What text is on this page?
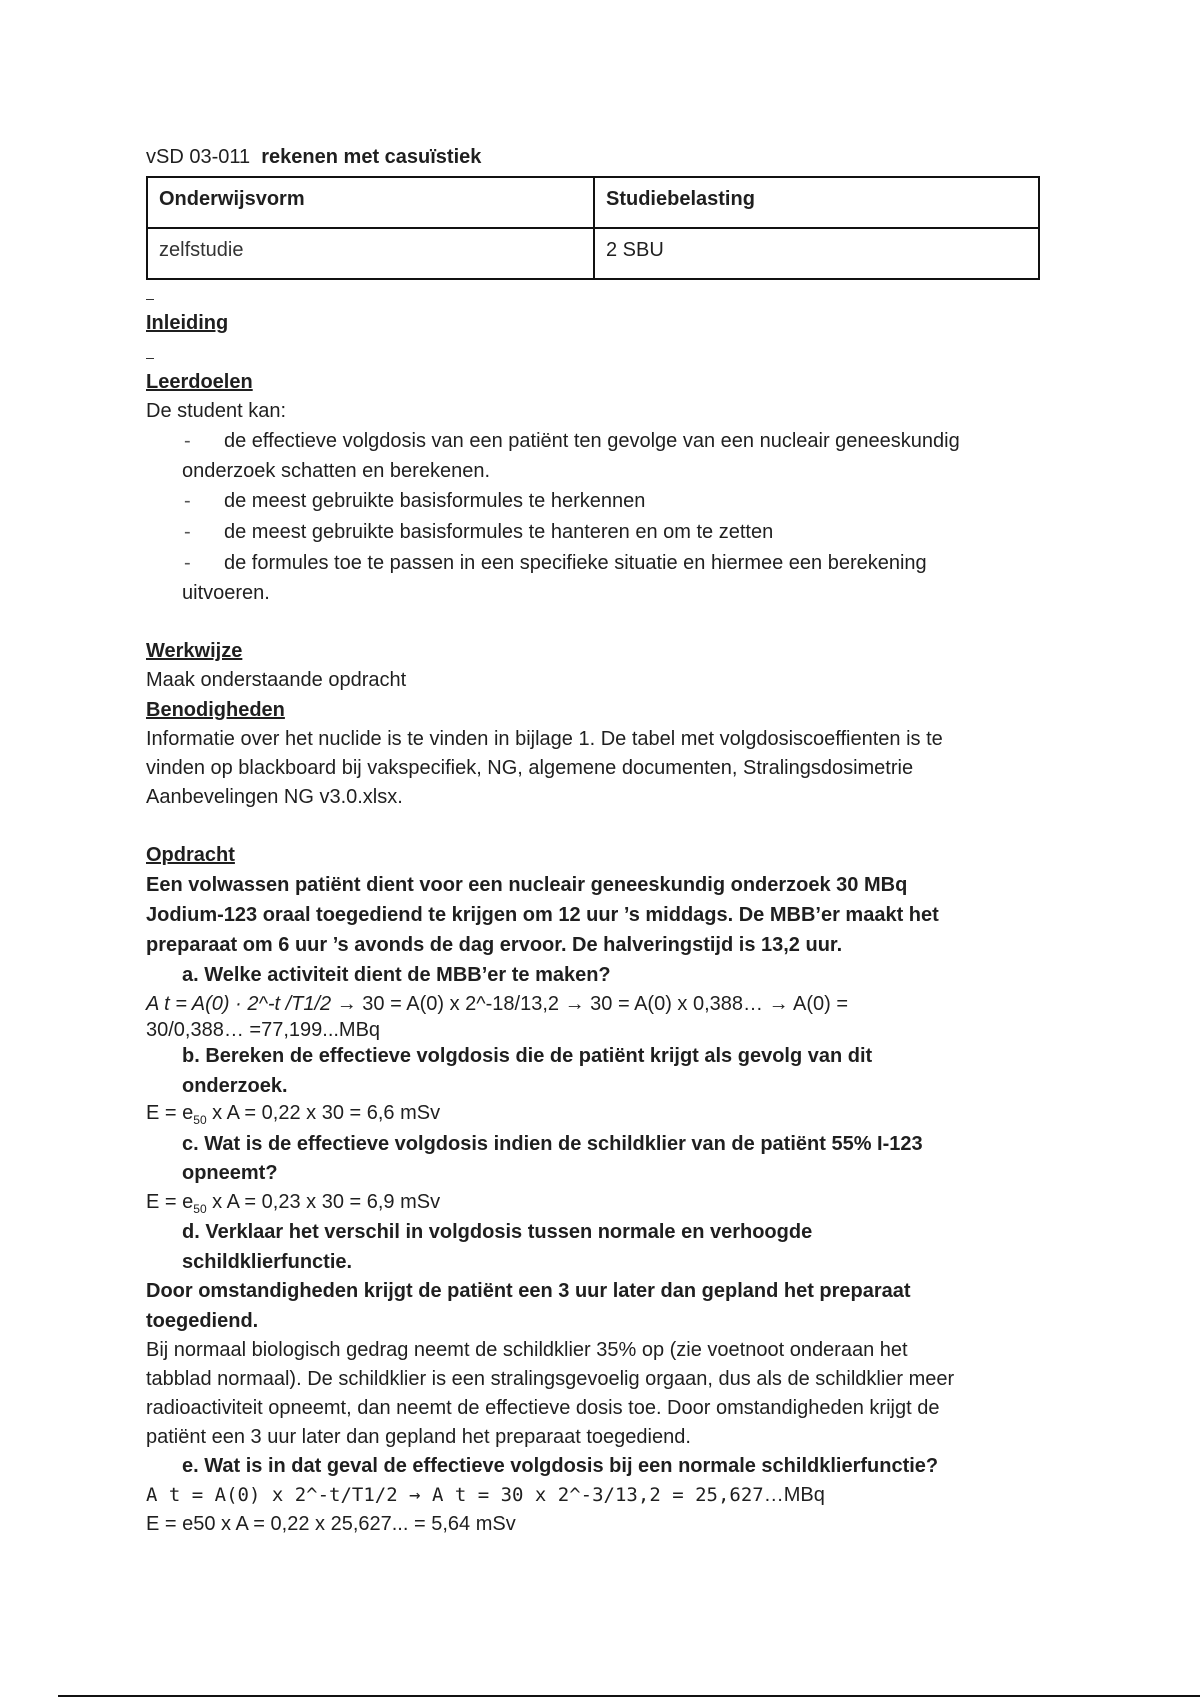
vSD 03-011 rekenen met casuïstiek
Onderwijsvorm	Studiebelasting
zelfstudie	2 SBU
Inleiding
Leerdoelen
De student kan:
- de effectieve volgdosis van een patiënt ten gevolge van een nucleair geneeskundig
onderzoek schatten en berekenen.
- de meest gebruikte basisformules te herkennen
- de meest gebruikte basisformules te hanteren en om te zetten
- de formules toe te passen in een specifieke situatie en hiermee een berekening
uitvoeren.
Werkwijze
Maak onderstaande opdracht
Benodigheden
Informatie over het nuclide is te vinden in bijlage 1. De tabel met volgdosiscoeffienten is te
vinden op blackboard bij vakspecifiek, NG, algemene documenten, Stralingsdosimetrie
Aanbevelingen NG v3.0.xlsx.
Opdracht
Een volwassen patiënt dient voor een nucleair geneeskundig onderzoek 30 MBq
Jodium-123 oraal toegediend te krijgen om 12 uur ’s middags. De MBB’er maakt het
preparaat om 6 uur ’s avonds de dag ervoor. De halveringstijd is 13,2 uur.
a. Welke activiteit dient de MBB’er te maken?
A t = A(0) · 2^-t /T1/2 → 30 = A(0) x 2^-18/13,2 → 30 = A(0) x 0,388… → A(0) =
30/0,388… =77,199...MBq
b. Bereken de effectieve volgdosis die de patiënt krijgt als gevolg van dit
onderzoek.
$E = e_{50}$ x A = 0,22 x 30 = 6,6 mSv
c. Wat is de effectieve volgdosis indien de schildklier van de patiënt 55% I-123
opneemt?
$E = e_{50}$ x A = 0,23 x 30 = 6,9 mSv
d. Verklaar het verschil in volgdosis tussen normale en verhoogde
schildklierfunctie.
Door omstandigheden krijgt de patiënt een 3 uur later dan gepland het preparaat
toegediend.
Bij normaal biologisch gedrag neemt de schildklier 35% op (zie voetnoot onderaan het
tabblad normaal). De schildklier is een stralingsgevoelig orgaan, dus als de schildklier meer
radioactiviteit opneemt, dan neemt de effectieve dosis toe. Door omstandigheden krijgt de
patiënt een 3 uur later dan gepland het preparaat toegediend.
e. Wat is in dat geval de effectieve volgdosis bij een normale schildklierfunctie?
A t = A(0) x 2^-t/T1/2 → A t = 30 x 2^-3/13,2 = 25,627…MBq
E = e50 x A = 0,22 x 25,627... = 5,64 mSv
